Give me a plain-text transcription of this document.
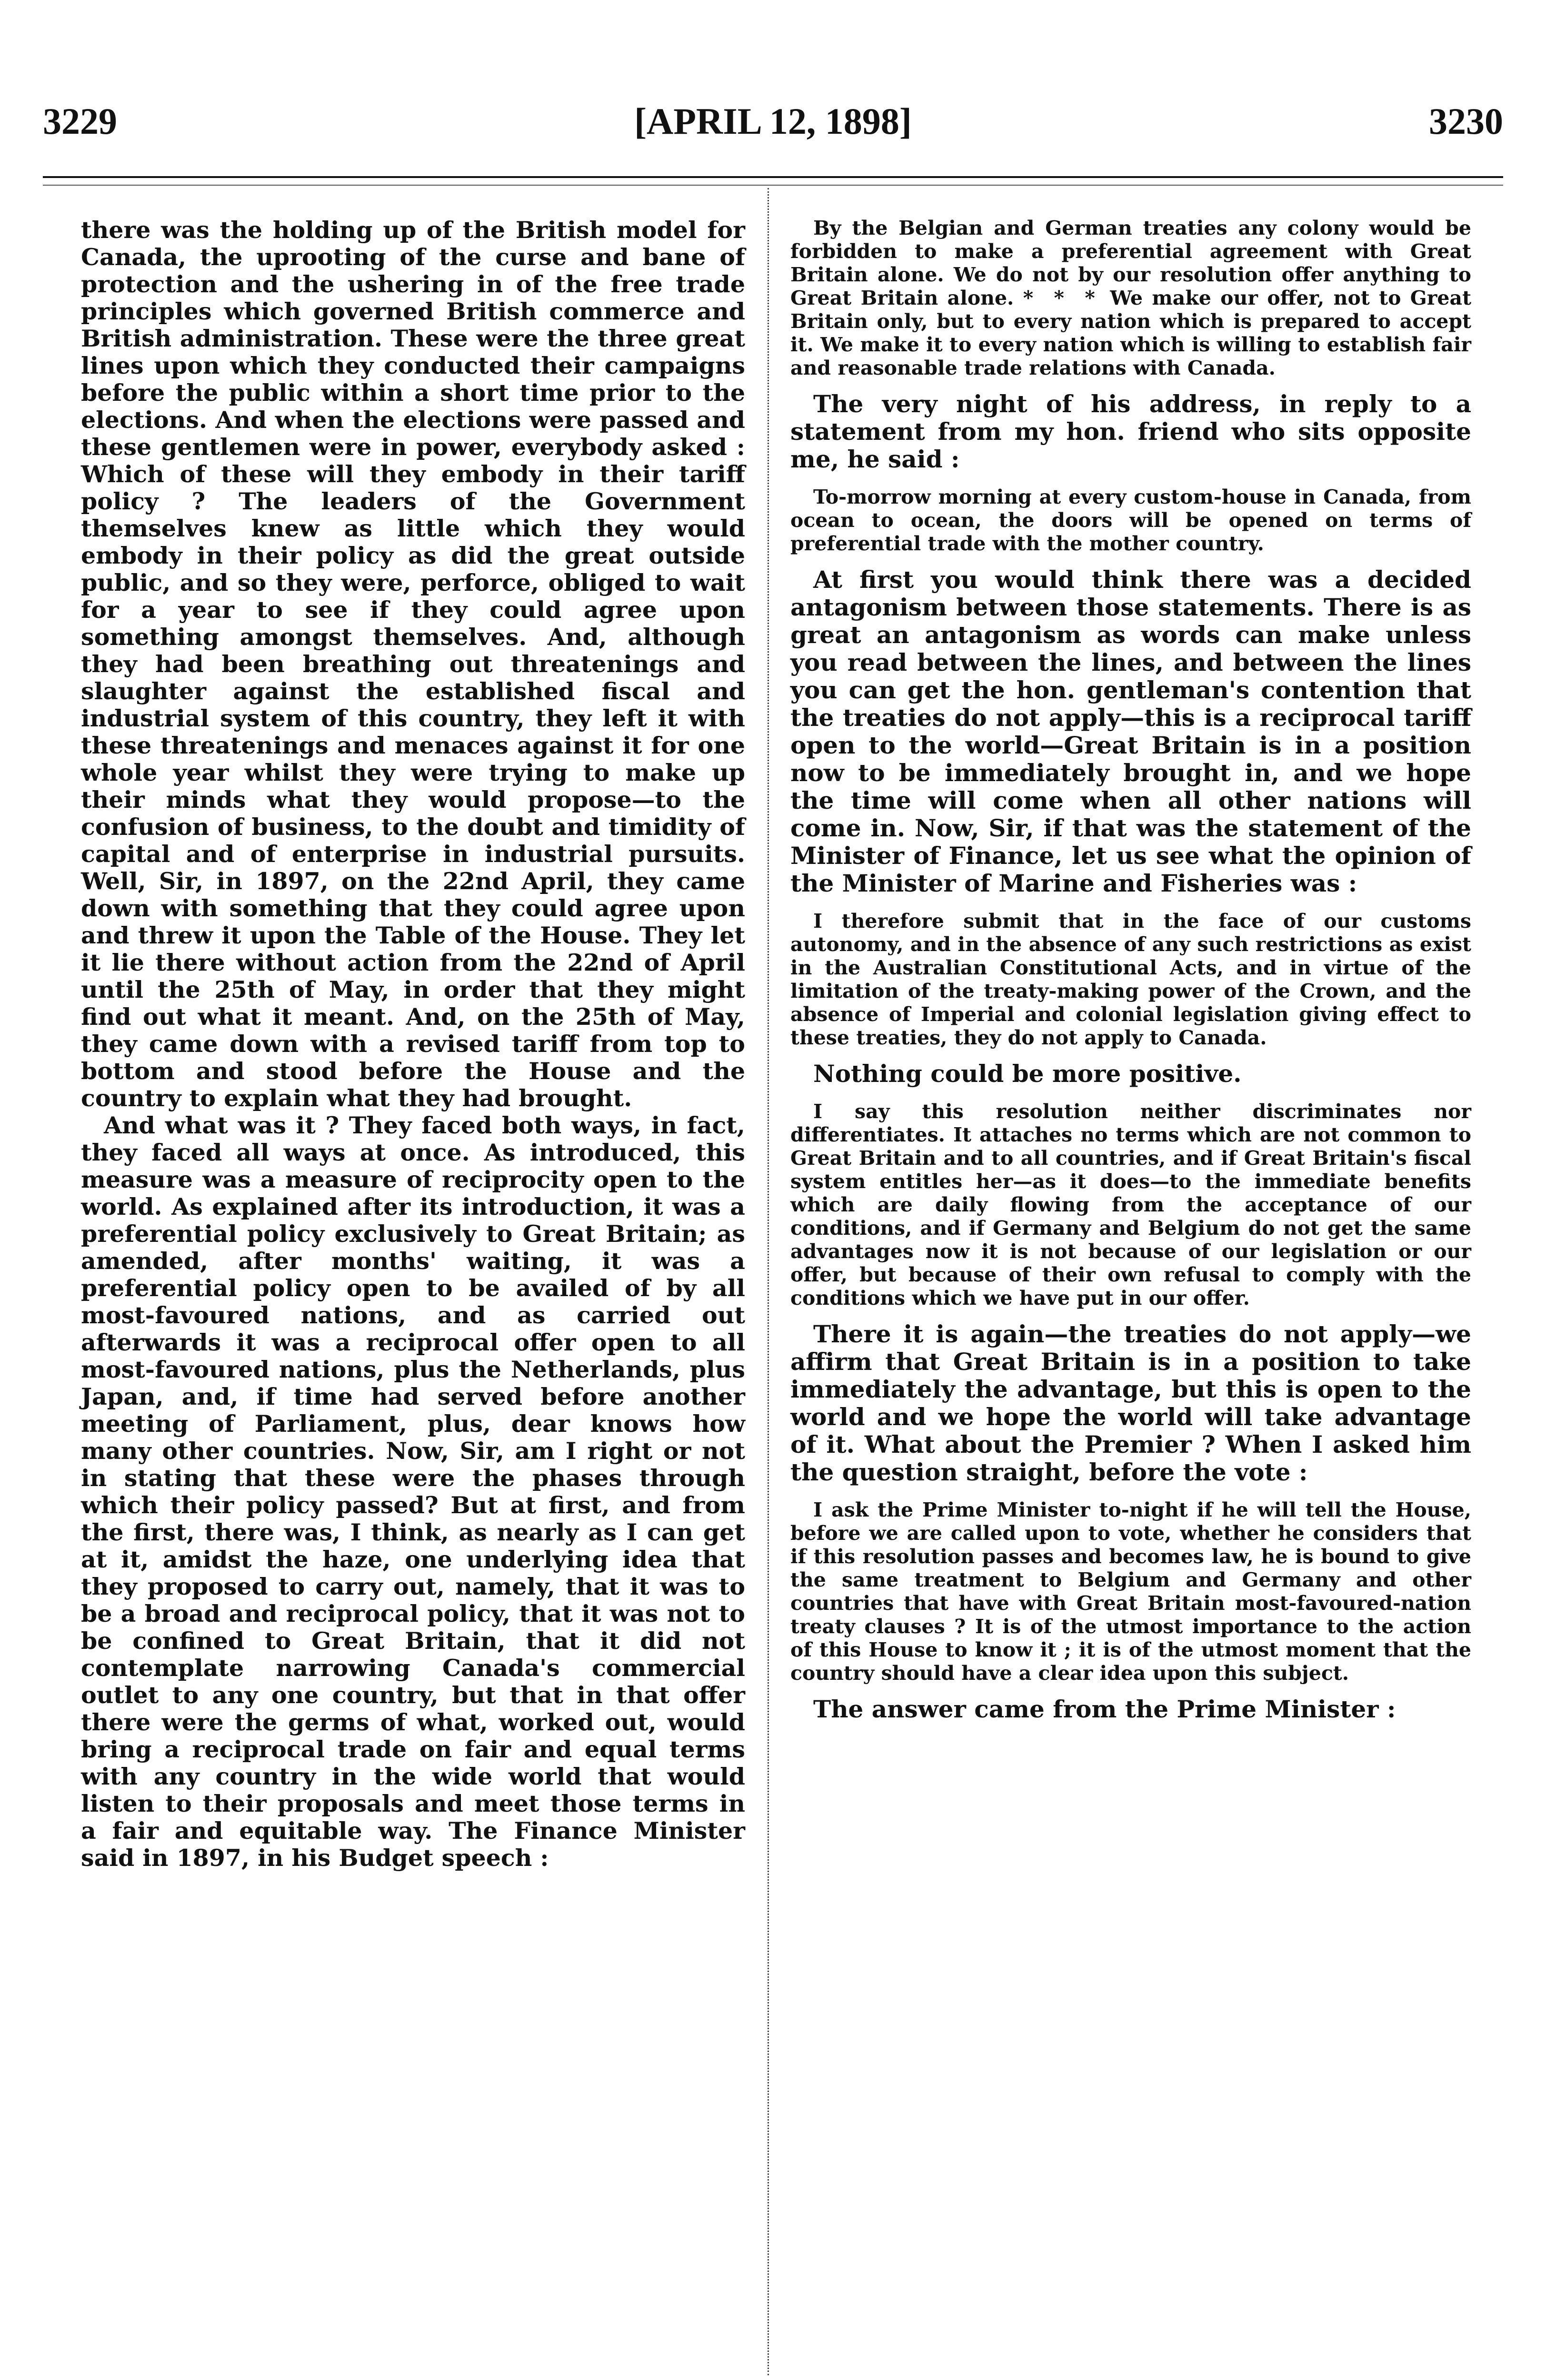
3229	[APRIL 12, 1898]	3230

there was the holding up of the British model for Canada, the uprooting of the curse and bane of protection and the ushering in of the free trade principles which governed British commerce and British administration. These were the three great lines upon which they conducted their campaigns before the public within a short time prior to the elections. And when the elections were passed and these gentlemen were in power, everybody asked : Which of these will they embody in their tariff policy ? The leaders of the Government themselves knew as little which they would embody in their policy as did the great outside public, and so they were, perforce, obliged to wait for a year to see if they could agree upon something amongst themselves. And, although they had been breathing out threatenings and slaughter against the established fiscal and industrial system of this country, they left it with these threatenings and menaces against it for one whole year whilst they were trying to make up their minds what they would propose—to the confusion of business, to the doubt and timidity of capital and of enterprise in industrial pursuits. Well, Sir, in 1897, on the 22nd April, they came down with something that they could agree upon and threw it upon the Table of the House. They let it lie there without action from the 22nd of April until the 25th of May, in order that they might find out what it meant. And, on the 25th of May, they came down with a revised tariff from top to bottom and stood before the House and the country to explain what they had brought.

And what was it ? They faced both ways, in fact, they faced all ways at once. As introduced, this measure was a measure of reciprocity open to the world. As explained after its introduction, it was a preferential policy exclusively to Great Britain; as amended, after months' waiting, it was a preferential policy open to be availed of by all most-favoured nations, and as carried out afterwards it was a reciprocal offer open to all most-favoured nations, plus the Netherlands, plus Japan, and, if time had served before another meeting of Parliament, plus, dear knows how many other countries. Now, Sir, am I right or not in stating that these were the phases through which their policy passed? But at first, and from the first, there was, I think, as nearly as I can get at it, amidst the haze, one underlying idea that they proposed to carry out, namely, that it was to be a broad and reciprocal policy, that it was not to be confined to Great Britain, that it did not contemplate narrowing Canada's commercial outlet to any one country, but that in that offer there were the germs of what, worked out, would bring a reciprocal trade on fair and equal terms with any country in the wide world that would listen to their proposals and meet those terms in a fair and equitable way. The Finance Minister said in 1897, in his Budget speech :

By the Belgian and German treaties any colony would be forbidden to make a preferential agreement with Great Britain alone. We do not by our resolution offer anything to Great Britain alone. * * * We make our offer, not to Great Britain only, but to every nation which is prepared to accept it. We make it to every nation which is willing to establish fair and reasonable trade relations with Canada.

The very night of his address, in reply to a statement from my hon. friend who sits opposite me, he said :

To-morrow morning at every custom-house in Canada, from ocean to ocean, the doors will be opened on terms of preferential trade with the mother country.

At first you would think there was a decided antagonism between those statements. There is as great an antagonism as words can make unless you read between the lines, and between the lines you can get the hon. gentleman's contention that the treaties do not apply—this is a reciprocal tariff open to the world—Great Britain is in a position now to be immediately brought in, and we hope the time will come when all other nations will come in. Now, Sir, if that was the statement of the Minister of Finance, let us see what the opinion of the Minister of Marine and Fisheries was :

I therefore submit that in the face of our customs autonomy, and in the absence of any such restrictions as exist in the Australian Constitutional Acts, and in virtue of the limitation of the treaty-making power of the Crown, and the absence of Imperial and colonial legislation giving effect to these treaties, they do not apply to Canada.

Nothing could be more positive.

I say this resolution neither discriminates nor differentiates. It attaches no terms which are not common to Great Britain and to all countries, and if Great Britain's fiscal system entitles her—as it does—to the immediate benefits which are daily flowing from the acceptance of our conditions, and if Germany and Belgium do not get the same advantages now it is not because of our legislation or our offer, but because of their own refusal to comply with the conditions which we have put in our offer.

There it is again—the treaties do not apply—we affirm that Great Britain is in a position to take immediately the advantage, but this is open to the world and we hope the world will take advantage of it. What about the Premier ? When I asked him the question straight, before the vote :

I ask the Prime Minister to-night if he will tell the House, before we are called upon to vote, whether he considers that if this resolution passes and becomes law, he is bound to give the same treatment to Belgium and Germany and other countries that have with Great Britain most-favoured-nation treaty clauses ? It is of the utmost importance to the action of this House to know it ; it is of the utmost moment that the country should have a clear idea upon this subject.

The answer came from the Prime Minister :
